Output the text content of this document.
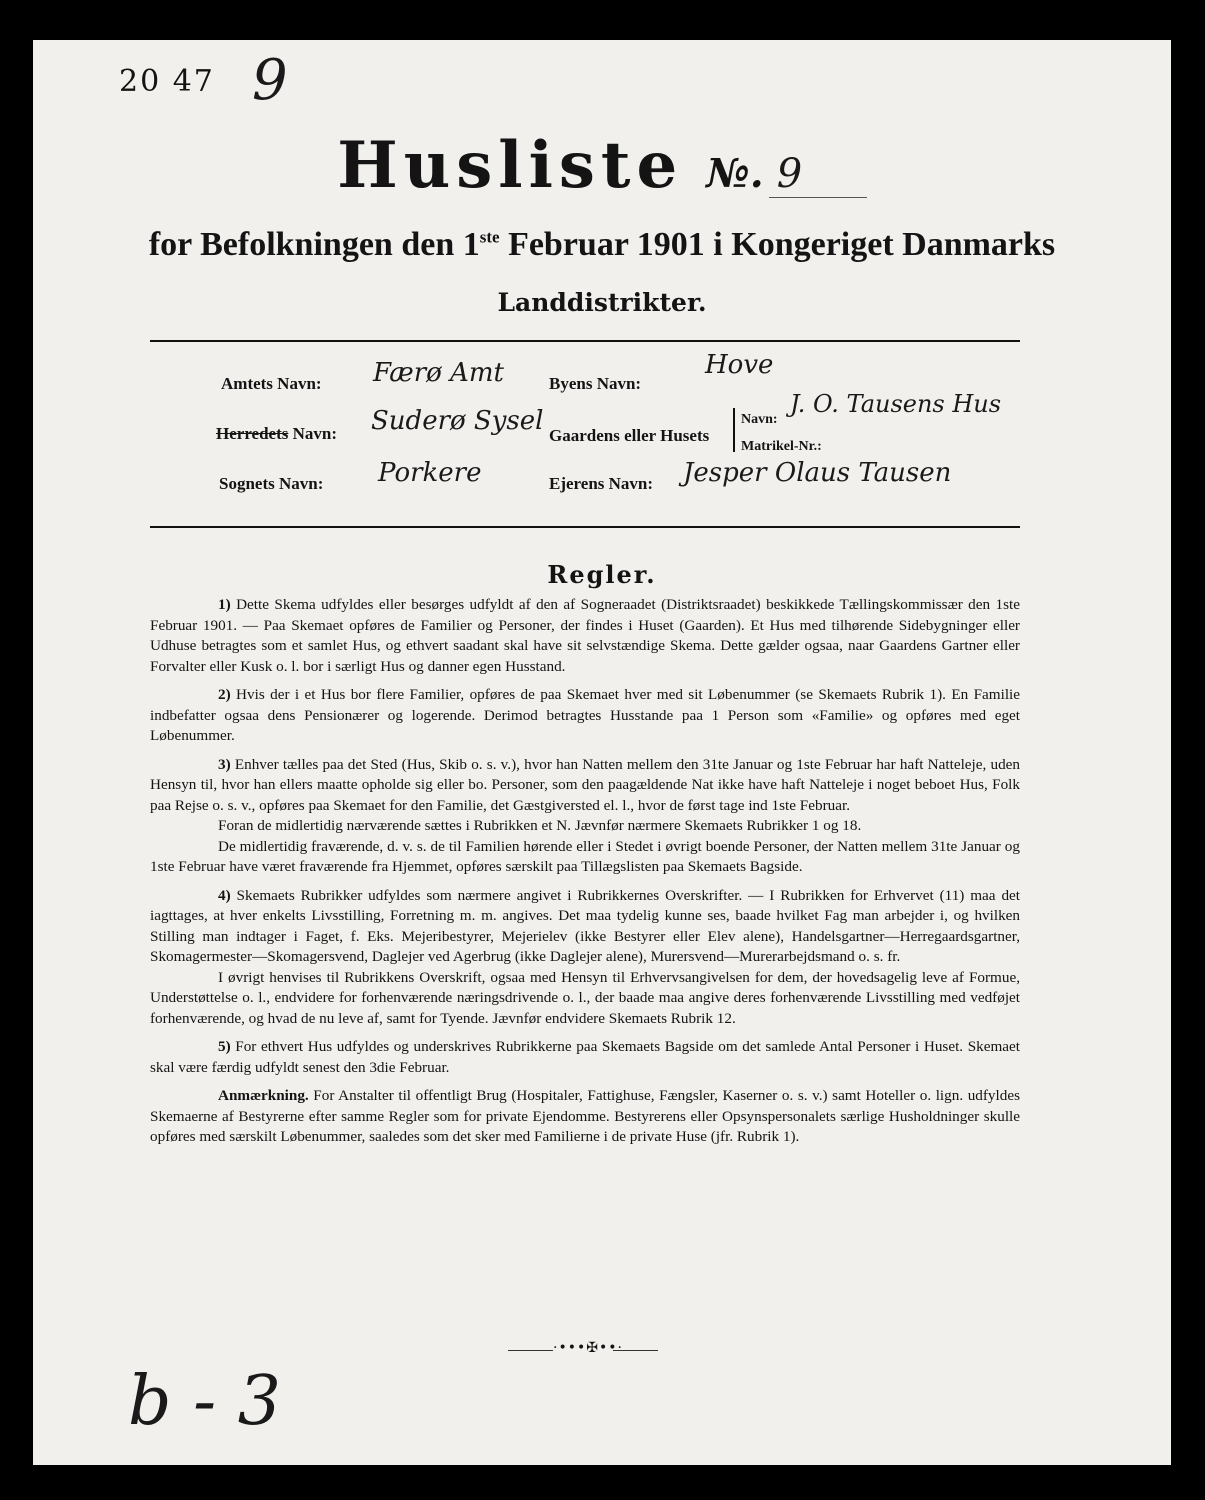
20 47 9
Husliste №. 9
for Befolkningen den 1ste Februar 1901 i Kongeriget Danmarks
Landdistrikter.
Amtets Navn: Færø Amt
Herredets Navn: Suderø Sysel
Sognets Navn: Porkere
Byens Navn:
Hove
Gaardens eller Husets
Navn:
J. O. Tausens Hus
Matrikel-Nr.:
Ejerens Navn: Jesper Olaus Tausen
Regler.

1) Dette Skema udfyldes eller besørges udfyldt af den af Sogneraadet (Distriktsraadet) beskikkede Tællingskommissær den 1ste Februar 1901. — Paa Skemaet opføres de Familier og Personer, der findes i Huset (Gaarden). Et Hus med tilhørende Sidebygninger eller Udhuse betragtes som et samlet Hus, og ethvert saadant skal have sit selvstændige Skema. Dette gælder ogsaa, naar Gaardens Gartner eller Forvalter eller Kusk o. l. bor i særligt Hus og danner egen Husstand.

2) Hvis der i et Hus bor flere Familier, opføres de paa Skemaet hver med sit Løbenummer (se Skemaets Rubrik 1). En Familie indbefatter ogsaa dens Pensionærer og logerende. Derimod betragtes Husstande paa 1 Person som «Familie» og opføres med eget Løbenummer.

3) Enhver tælles paa det Sted (Hus, Skib o. s. v.), hvor han Natten mellem den 31te Januar og 1ste Februar har haft Natteleje, uden Hensyn til, hvor han ellers maatte opholde sig eller bo. Personer, som den paagældende Nat ikke have haft Natteleje i noget beboet Hus, Folk paa Rejse o. s. v., opføres paa Skemaet for den Familie, det Gæstgiversted el. l., hvor de først tage ind 1ste Februar.

Foran de midlertidig nærværende sættes i Rubrikken et N. Jævnfør nærmere Skemaets Rubrikker 1 og 18.

De midlertidig fraværende, d. v. s. de til Familien hørende eller i Stedet i øvrigt boende Personer, der Natten mellem 31te Januar og 1ste Februar have været fraværende fra Hjemmet, opføres særskilt paa Tillægslisten paa Skemaets Bagside.

4) Skemaets Rubrikker udfyldes som nærmere angivet i Rubrikkernes Overskrifter. — I Rubrikken for Erhvervet (11) maa det iagttages, at hver enkelts Livsstilling, Forretning m. m. angives. Det maa tydelig kunne ses, baade hvilket Fag man arbejder i, og hvilken Stilling man indtager i Faget, f. Eks. Mejeribestyrer, Mejerielev (ikke Bestyrer eller Elev alene), Handelsgartner—Herregaardsgartner, Skomagermester—Skomagersvend, Daglejer ved Agerbrug (ikke Daglejer alene), Murersvend—Murerarbejdsmand o. s. fr.

I øvrigt henvises til Rubrikkens Overskrift, ogsaa med Hensyn til Erhvervsangivelsen for dem, der hovedsagelig leve af Formue, Understøttelse o. l., endvidere for forhenværende næringsdrivende o. l., der baade maa angive deres forhenværende Livsstilling med vedføjet forhenværende, og hvad de nu leve af, samt for Tyende. Jævnfør endvidere Skemaets Rubrik 12.

5) For ethvert Hus udfyldes og underskrives Rubrikkerne paa Skemaets Bagside om det samlede Antal Personer i Huset. Skemaet skal være færdig udfyldt senest den 3die Februar.

Anmærkning. For Anstalter til offentligt Brug (Hospitaler, Fattighuse, Fængsler, Kaserner o. s. v.) samt Hoteller o. lign. udfyldes Skemaerne af Bestyrerne efter samme Regler som for private Ejendomme. Bestyrerens eller Opsynspersonalets særlige Husholdninger skulle opføres med særskilt Løbenummer, saaledes som det sker med Familierne i de private Huse (jfr. Rubrik 1).

·•••✠••·
b - 3
